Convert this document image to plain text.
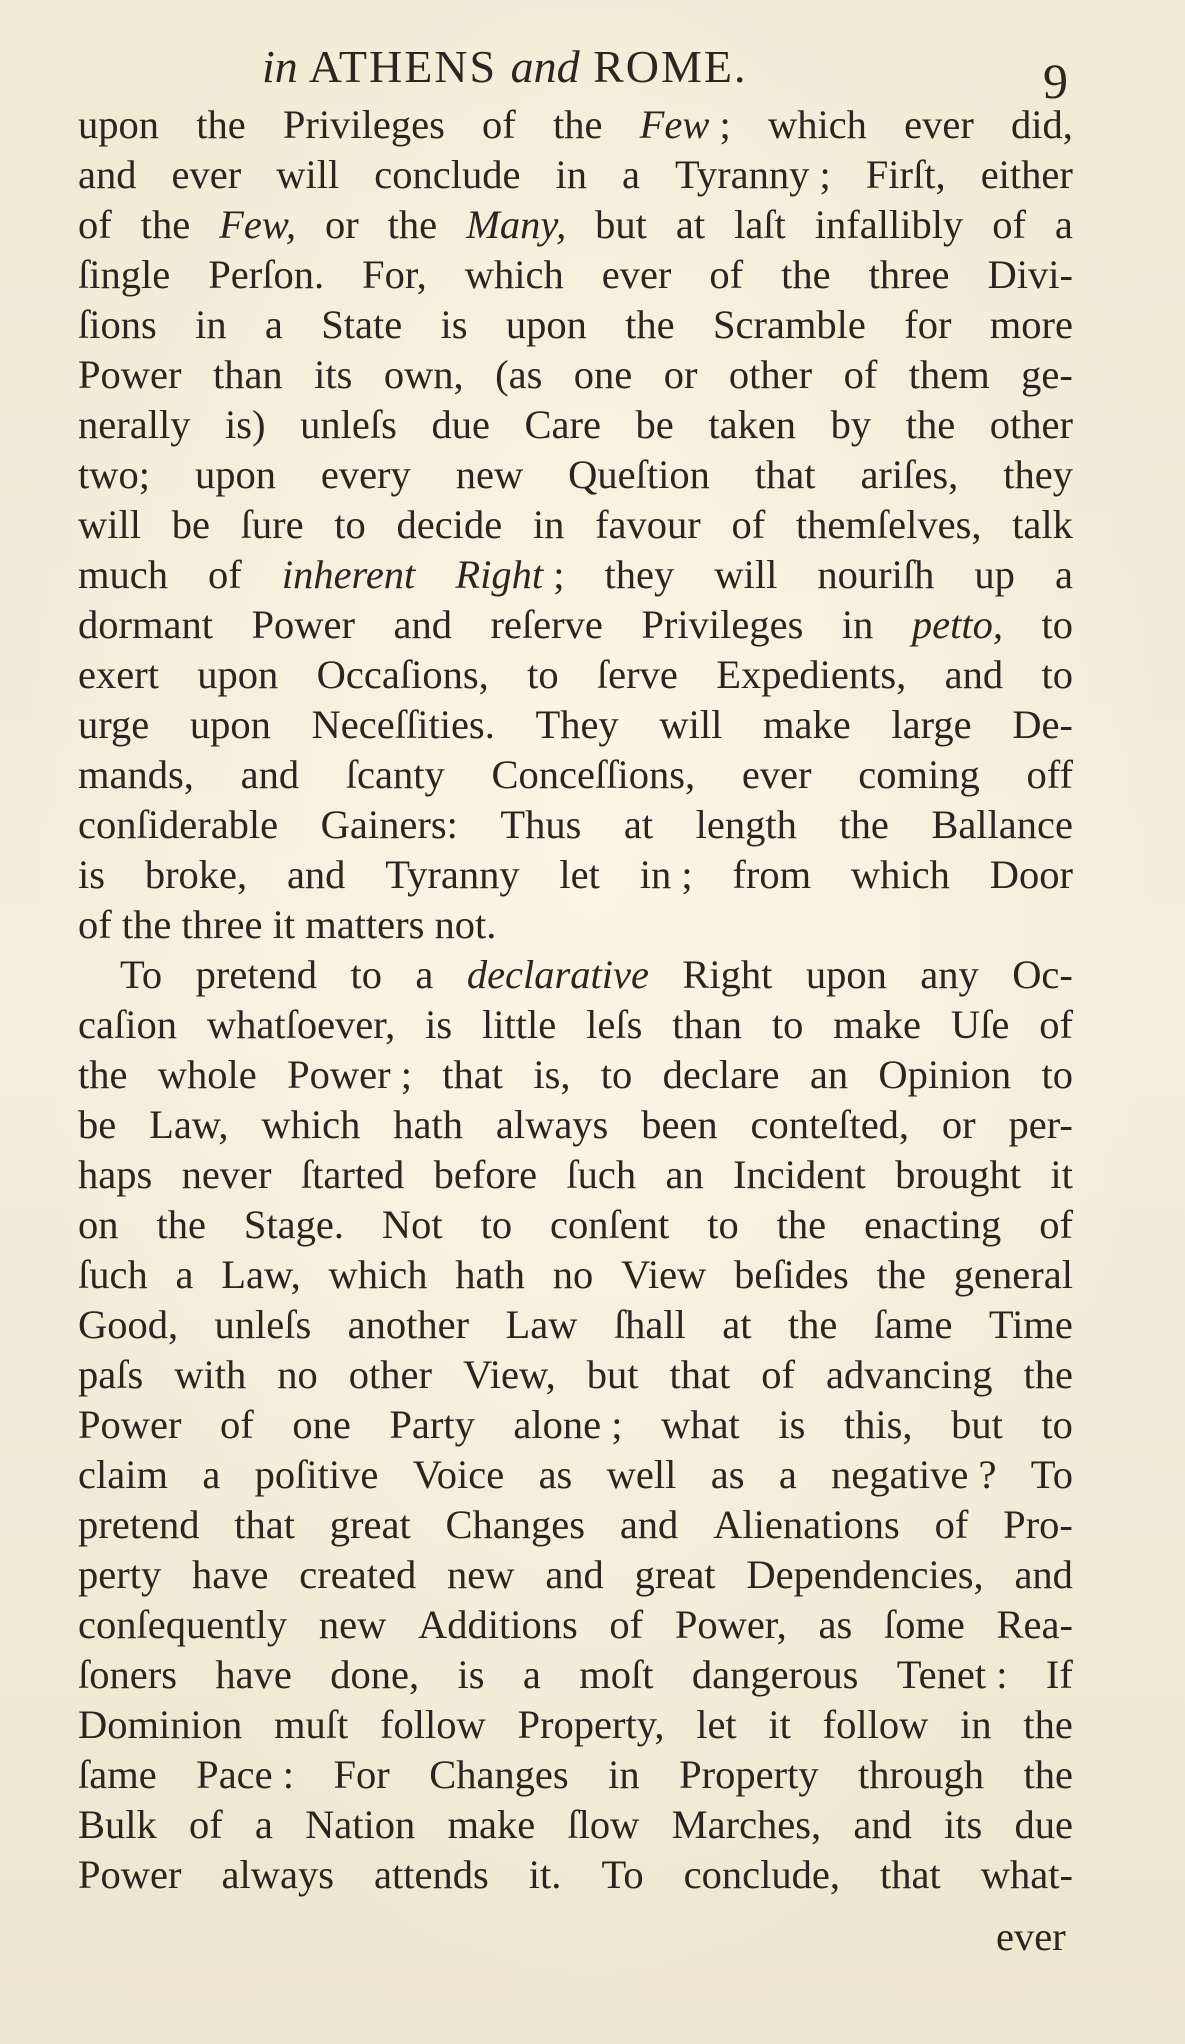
in ATHENS and ROME.	9
upon the Privileges of the Few ; which ever did,
and ever will conclude in a Tyranny ; Firſt, either
of the Few, or the Many, but at laſt infallibly of a
ſingle Perſon. For, which ever of the three Divi-
ſions in a State is upon the Scramble for more
Power than its own, (as one or other of them ge-
nerally is) unleſs due Care be taken by the other
two; upon every new Queſtion that ariſes, they
will be ſure to decide in favour of themſelves, talk
much of inherent Right ; they will nouriſh up a
dormant Power and reſerve Privileges in petto, to
exert upon Occaſions, to ſerve Expedients, and to
urge upon Neceſſities. They will make large De-
mands, and ſcanty Conceſſions, ever coming off
conſiderable Gainers: Thus at length the Ballance
is broke, and Tyranny let in ; from which Door
of
the
three
it
matters
not.
To pretend to a declarative Right upon any Oc-
caſion whatſoever, is little leſs than to make Uſe of
the whole Power ; that is, to declare an Opinion to
be Law, which hath always been conteſted, or per-
haps never ſtarted before ſuch an Incident brought it
on the Stage. Not to conſent to the enacting of
ſuch a Law, which hath no View beſides the general
Good, unleſs another Law ſhall at the ſame Time
paſs with no other View, but that of advancing the
Power of one Party alone ; what is this, but to
claim a poſitive Voice as well as a negative ? To
pretend that great Changes and Alienations of Pro-
perty have created new and great Dependencies, and
conſequently new Additions of Power, as ſome Rea-
ſoners have done, is a moſt dangerous Tenet : If
Dominion muſt follow Property, let it follow in the
ſame Pace : For Changes in Property through the
Bulk of a Nation make ſlow Marches, and its due
Power always attends it. To conclude, that what-
ever
